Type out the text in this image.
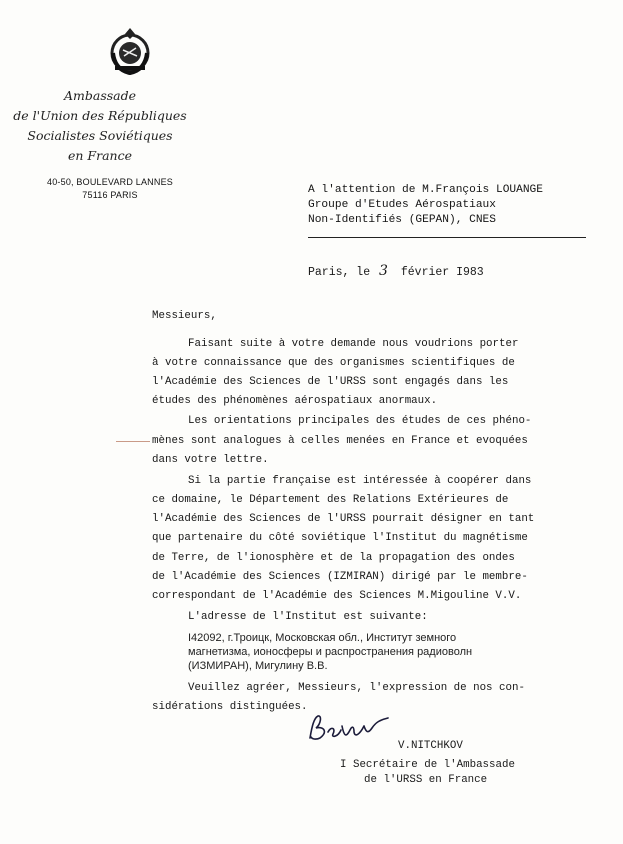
Ambassade
de l'Union des Républiques
Socialistes Soviétiques
en France
40-50, BOULEVARD LANNES
75116 PARIS	A l'attention de M.François LOUANGE
Groupe d'Etudes Aérospatiaux
Non-Identifiés (GEPAN), CNES
Paris, le 3 février I983
Messieurs,
Faisant suite à votre demande nous voudrions porter
à votre connaissance que des organismes scientifiques de
l'Académie des Sciences de l'URSS sont engagés dans les
études des phénomènes aérospatiaux anormaux.
Les orientations principales des études de ces phéno-
mènes sont analogues à celles menées en France et evoquées
dans votre lettre.
Si la partie française est intéressée à coopérer dans
ce domaine, le Département des Relations Extérieures de
l'Académie des Sciences de l'URSS pourrait désigner en tant
que partenaire du côté soviétique l'Institut du magnétisme
de Terre, de l'ionosphère et de la propagation des ondes
de l'Académie des Sciences (IZMIRAN) dirigé par le membre-
correspondant de l'Académie des Sciences M.Migouline V.V.
L'adresse de l'Institut est suivante:
I42092, г.Троицк, Московская обл., Институт земного
магнетизма, ионосферы и распространения радиоволн
(ИЗМИРАН), Мигулину В.В.
Veuillez agréer, Messieurs, l'expression de nos con-
sidérations distinguées.
V.NITCHKOV
I Secrétaire de l'Ambassade
de l'URSS en France
